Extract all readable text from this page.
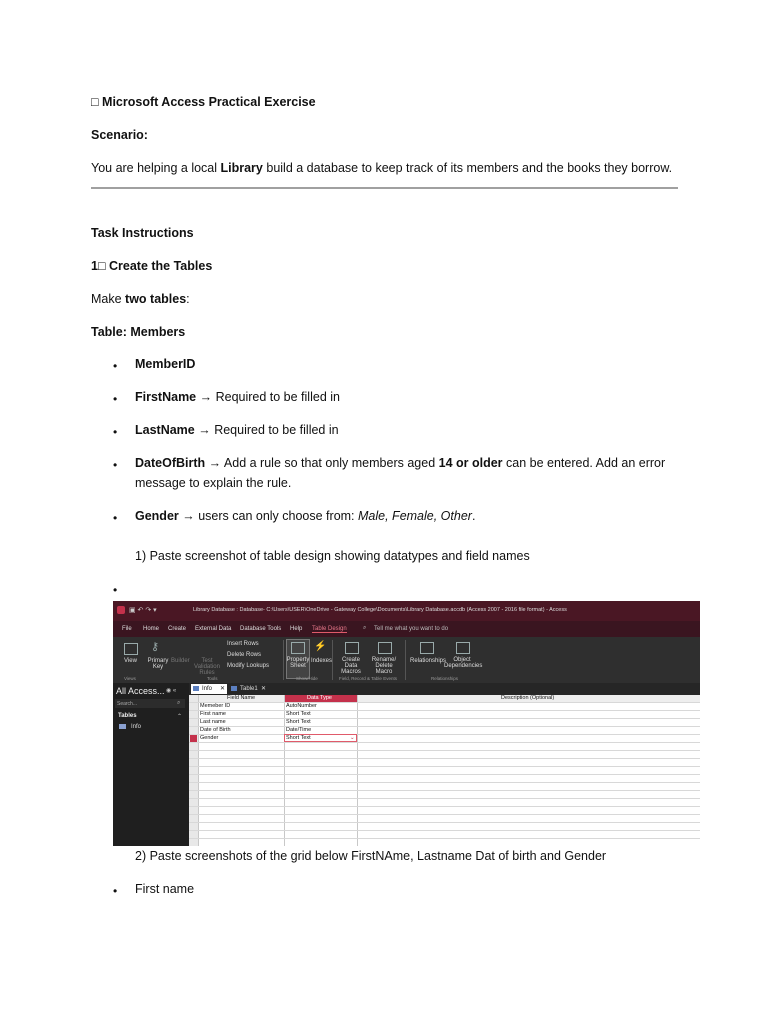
□ Microsoft Access Practical Exercise
Scenario:
You are helping a local Library build a database to keep track of its members and the books they borrow.
Task Instructions
1□ Create the Tables
Make two tables:
Table: Members
• MemberID
• FirstName → Required to be filled in
• LastName → Required to be filled in
• DateOfBirth → Add a rule so that only members aged 14 or older can be entered. Add an error
message to explain the rule.
• Gender → users can only choose from: Male, Female, Other.
1) Paste screenshot of table design showing datatypes and field names
•
▣ ↶ ↷ ▾	Library Database : Database- C:\Users\USER\OneDrive - Gateway College\Documents\Library Database.accdb (Access 2007 - 2016 file format) - Access
File Home Create External Data Database Tools Help Table Design	⌕ Tell me what you want to do
View
⚷
Primary Key
Builder	Test Validation Rules
Insert Rows
Delete Rows
Modify Lookups
Property Sheet
⚡
Indexes	Create Data Macros
Rename/ Delete Macro
Relationships	Object Dependencies
Views	Tools	Show/Hide	Field, Record & Table Events	Relationships
All Access... ◉ «
Search...	⌕
Tables	⌃
Info
Info ✕ Table1 ✕
Field Name	Data Type	Description (Optional)
Memeber ID	AutoNumber
First name	Short Text
Last name	Short Text
Date of Birth	Date/Time
Gender	Short Text	⌄
2) Paste screenshots of the grid below FirstNAme, Lastname Dat of birth and Gender
• First name
